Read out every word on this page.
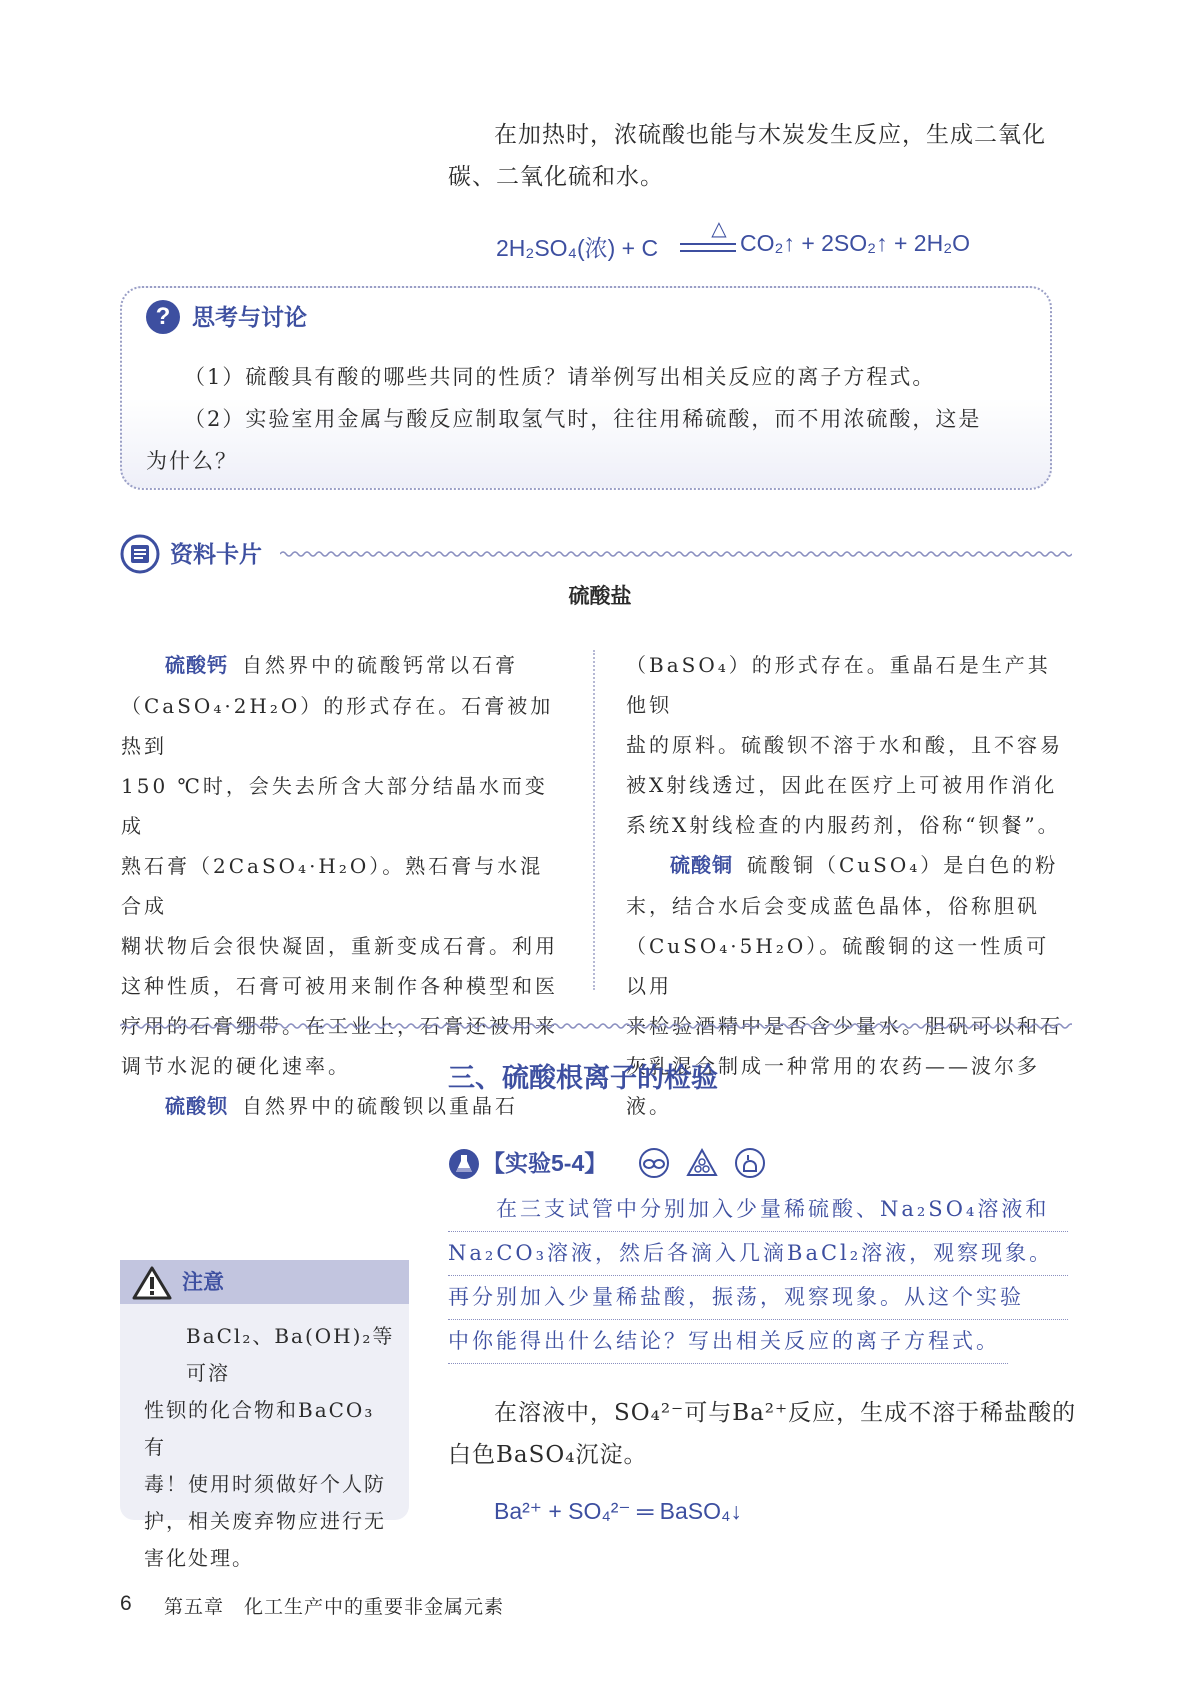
在加热时，浓硫酸也能与木炭发生反应，生成二氧化
碳、二氧化硫和水。
2H₂SO₄(浓) + C
△
CO₂↑ + 2SO₂↑ + 2H₂O
? 思考与讨论
（1）硫酸具有酸的哪些共同的性质？请举例写出相关反应的离子方程式。
（2）实验室用金属与酸反应制取氢气时，往往用稀硫酸，而不用浓硫酸，这是
为什么？
资料卡片
硫酸盐
硫酸钙 自然界中的硫酸钙常以石膏
（CaSO₄·2H₂O）的形式存在。石膏被加热到
150 ℃时，会失去所含大部分结晶水而变成
熟石膏（2CaSO₄·H₂O）。熟石膏与水混合成
糊状物后会很快凝固，重新变成石膏。利用
这种性质，石膏可被用来制作各种模型和医
疗用的石膏绷带。在工业上，石膏还被用来
调节水泥的硬化速率。
硫酸钡 自然界中的硫酸钡以重晶石
（BaSO₄）的形式存在。重晶石是生产其他钡
盐的原料。硫酸钡不溶于水和酸，且不容易
被X射线透过，因此在医疗上可被用作消化
系统X射线检查的内服药剂，俗称“钡餐”。
硫酸铜 硫酸铜（CuSO₄）是白色的粉
末，结合水后会变成蓝色晶体，俗称胆矾
（CuSO₄·5H₂O）。硫酸铜的这一性质可以用
来检验酒精中是否含少量水。胆矾可以和石
灰乳混合制成一种常用的农药——波尔多液。
三、硫酸根离子的检验
【实验5-4】
在三支试管中分别加入少量稀硫酸、Na₂SO₄溶液和
Na₂CO₃溶液，然后各滴入几滴BaCl₂溶液，观察现象。
再分别加入少量稀盐酸，振荡，观察现象。从这个实验
中你能得出什么结论？写出相关反应的离子方程式。
注意
BaCl₂、Ba(OH)₂等可溶
性钡的化合物和BaCO₃有
毒！使用时须做好个人防
护，相关废弃物应进行无
害化处理。
在溶液中，SO₄²⁻可与Ba²⁺反应，生成不溶于稀盐酸的
白色BaSO₄沉淀。
Ba²⁺ + SO₄²⁻ ═ BaSO₄↓
6 第五章　化工生产中的重要非金属元素
